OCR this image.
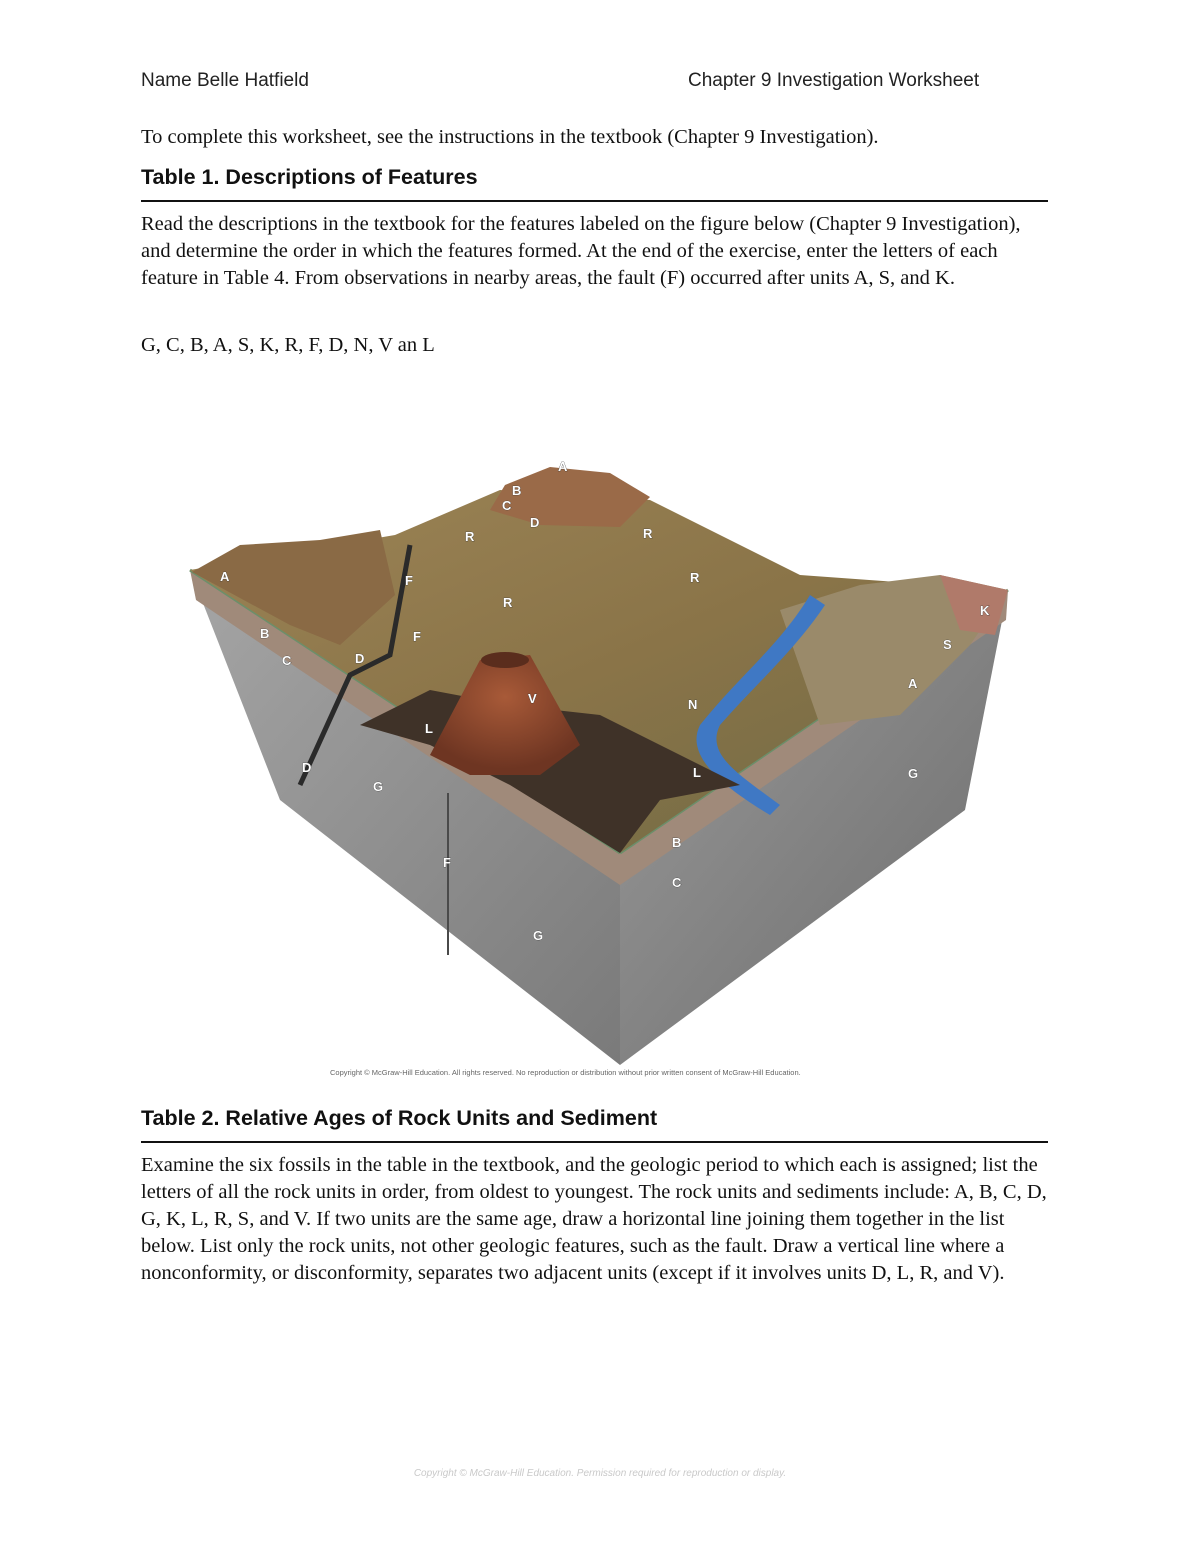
Name Belle Hatfield	Chapter 9 Investigation Worksheet
To complete this worksheet, see the instructions in the textbook (Chapter 9 Investigation).
Table 1. Descriptions of Features
Read the descriptions in the textbook for the features labeled on the figure below (Chapter 9 Investigation), and determine the order in which the features formed. At the end of the exercise, enter the letters of each feature in Table 4. From observations in nearby areas, the fault (F) occurred after units A, S, and K.
G, C, B, A, S, K, R, F, D, N, V an L
A
C
B
D
R	R
A	F	R
R
K
B	F
S
C	D
A
V	N
L
D	L
G
G
B
F
C
G
Copyright © McGraw-Hill Education. All rights reserved. No reproduction or distribution without prior written consent of McGraw-Hill Education.
Table 2. Relative Ages of Rock Units and Sediment
Examine the six fossils in the table in the textbook, and the geologic period to which each is assigned; list the letters of all the rock units in order, from oldest to youngest. The rock units and sediments include: A, B, C, D, G, K, L, R, S, and V. If two units are the same age, draw a horizontal line joining them together in the list below. List only the rock units, not other geologic features, such as the fault. Draw a vertical line where a nonconformity, or disconformity, separates two adjacent units (except if it involves units D, L, R, and V).
Copyright © McGraw-Hill Education. Permission required for reproduction or display.
